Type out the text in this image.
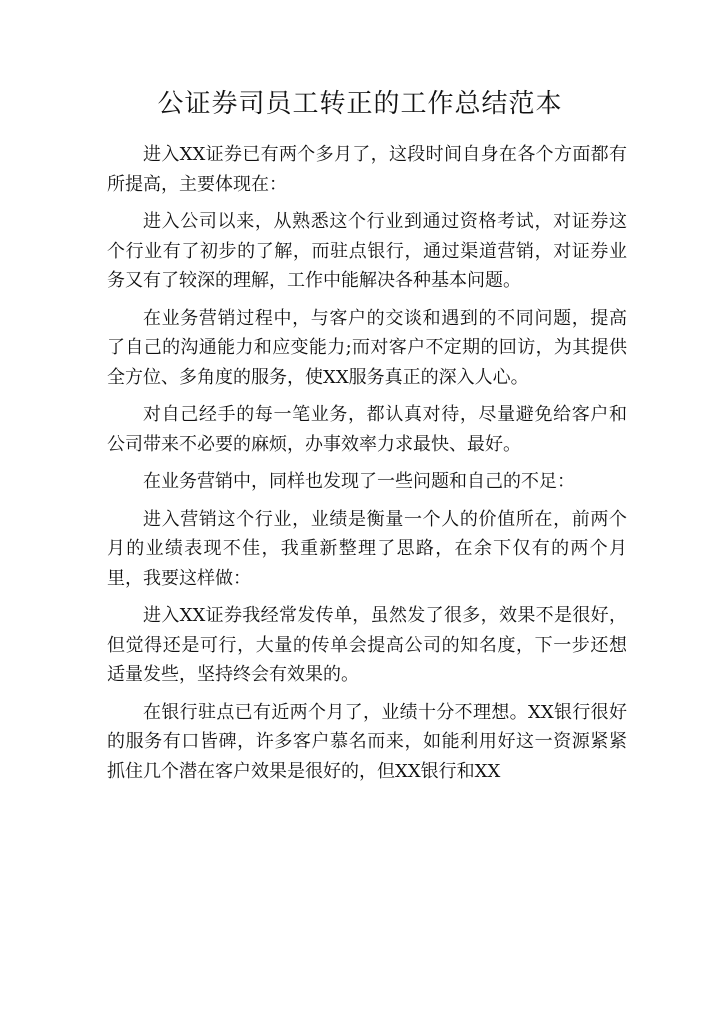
公证券司员工转正的工作总结范本

进入XX证券已有两个多月了，这段时间自身在各个方面都有所提高，主要体现在：

进入公司以来，从熟悉这个行业到通过资格考试，对证券这个行业有了初步的了解，而驻点银行，通过渠道营销，对证券业务又有了较深的理解，工作中能解决各种基本问题。

在业务营销过程中，与客户的交谈和遇到的不同问题，提高了自己的沟通能力和应变能力;而对客户不定期的回访，为其提供全方位、多角度的服务，使XX服务真正的深入人心。

对自己经手的每一笔业务，都认真对待，尽量避免给客户和公司带来不必要的麻烦，办事效率力求最快、最好。

在业务营销中，同样也发现了一些问题和自己的不足：

进入营销这个行业，业绩是衡量一个人的价值所在，前两个月的业绩表现不佳，我重新整理了思路，在余下仅有的两个月里，我要这样做：

进入XX证券我经常发传单，虽然发了很多，效果不是很好，但觉得还是可行，大量的传单会提高公司的知名度，下一步还想适量发些，坚持终会有效果的。

在银行驻点已有近两个月了，业绩十分不理想。XX银行很好的服务有口皆碑，许多客户慕名而来，如能利用好这一资源紧紧抓住几个潜在客户效果是很好的，但XX银行和XX
